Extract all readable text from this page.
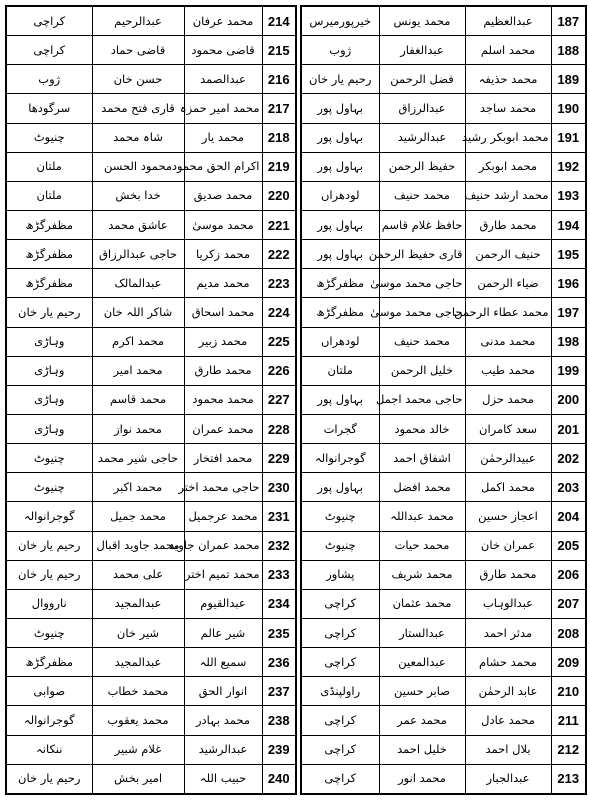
کراچی	عبدالرحیم	محمد عرفان	214
کراچی	قاضی حماد	قاضی محمود	215
ژوب	حسن خان	عبدالصمد	216
سرگودھا	قاری فتح محمد	محمد امیر حمزہ	217
چنیوٹ	شاہ محمد	محمد یار	218
ملتان	محمود الحسن	اکرام الحق محمود	219
ملتان	خدا بخش	محمد صدیق	220
مظفرگڑھ	عاشق محمد	محمد موسیٰ	221
مظفرگڑھ	حاجی عبدالرزاق	محمد زکریا	222
مظفرگڑھ	عبدالمالک	محمد مدیم	223
رحیم یار خان	شاکر اللہ خان	محمد اسحاق	224
وہاڑی	محمد اکرم	محمد زبیر	225
وہاڑی	محمد امیر	محمد طارق	226
وہاڑی	محمد قاسم	محمد محمود	227
وہاڑی	محمد نواز	محمد عمران	228
چنیوٹ	حاجی شیر محمد	محمد افتخار	229
چنیوٹ	محمد اکبر	حاجی محمد اختر	230
گوجرانوالہ	محمد جمیل	محمد عرجمیل	231
رحیم یار خان	محمد جاوید اقبال	محمد عمران جاوید	232
رحیم یار خان	علی محمد	محمد تمیم اختر	233
نارووال	عبدالمجید	عبدالقیوم	234
چنیوٹ	شیر خان	شیر عالم	235
مظفرگڑھ	عبدالمجید	سمیع اللہ	236
صوابی	محمد خطاب	انوار الحق	237
گوجرانوالہ	محمد یعقوب	محمد بہادر	238
ننکانہ	غلام شبیر	عبدالرشید	239
رحیم یار خان	امیر بخش	حبیب اللہ	240
خیرپورمیرس	محمد یونس	عبدالعظیم	187
ژوب	عبدالغفار	محمد اسلم	188
رحیم یار خان	فضل الرحمن	محمد حذیفہ	189
بہاول پور	عبدالرزاق	محمد ساجد	190
بہاول پور	عبدالرشید	محمد ابوبکر رشید	191
بہاول پور	حفیظ الرحمن	محمد ابوبکر	192
لودھراں	محمد حنیف	محمد ارشد حنیف	193
بہاول پور	حافظ غلام قاسم	محمد طارق	194
بہاول پور	قاری حفیظ الرحمن	حنیف الرحمن	195
مظفرگڑھ	حاجی محمد موسیٰ	ضیاء الرحمن	196
مظفرگڑھ	حاجی محمد موسیٰ	محمد عطاء الرحمن	197
لودھراں	محمد حنیف	محمد مدنی	198
ملتان	خلیل الرحمن	محمد طیب	199
بہاول پور	حاجی محمد اجمل	محمد حزل	200
گجرات	خالد محمود	سعد کامران	201
گوجرانوالہ	اشفاق احمد	عبیدالرحمٰن	202
بہاول پور	محمد افضل	محمد اکمل	203
چنیوٹ	محمد عبداللہ	اعجاز حسین	204
چنیوٹ	محمد حیات	عمران خان	205
پشاور	محمد شریف	محمد طارق	206
کراچی	محمد عثمان	عبدالوہاب	207
کراچی	عبدالستار	مدثر احمد	208
کراچی	عبدالمعین	محمد حشام	209
راولپنڈی	صابر حسین	عابد الرحمٰن	210
کراچی	محمد عمر	محمد عادل	211
کراچی	خلیل احمد	بلال احمد	212
کراچی	محمد انور	عبدالجبار	213
